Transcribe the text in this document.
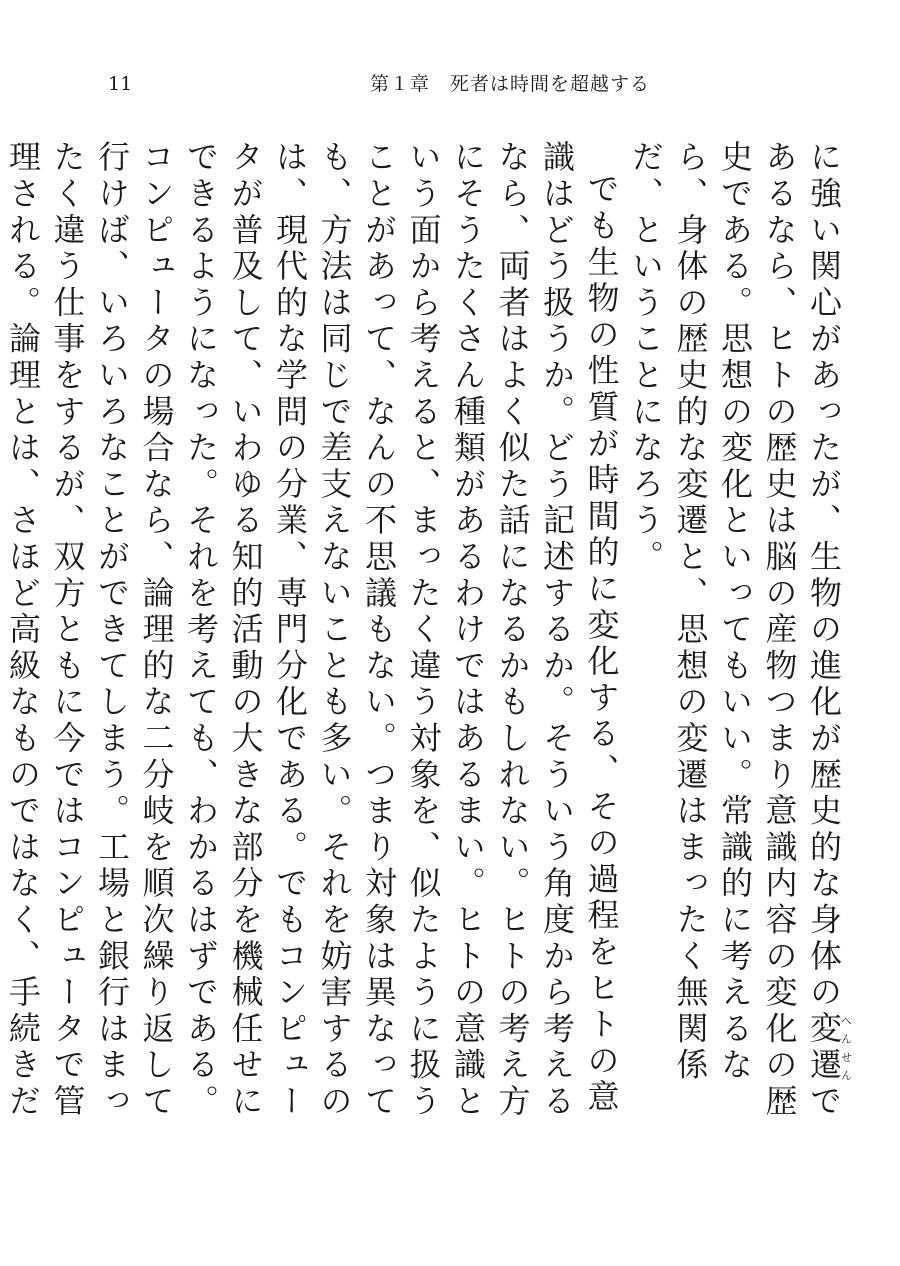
11	第１章　死者は時間を超越する

に強い関心があったが、生物の進化が歴史的な身体の変遷へんせんであるなら、ヒトの歴史は脳の産物つまり意識内容の変化の歴史である。思想の変化といってもいい。常識的に考えるなら、身体の歴史的な変遷と、思想の変遷はまったく無関係だ、ということになろう。

でも生物の性質が時間的に変化する、その過程をヒトの意識はどう扱うか。どう記述するか。そういう角度から考えるなら、両者はよく似た話になるかもしれない。ヒトの考え方にそうたくさん種類があるわけではあるまい。ヒトの意識という面から考えると、まったく違う対象を、似たように扱うことがあって、なんの不思議もない。つまり対象は異なっても、方法は同じで差支えないことも多い。それを妨害するのは、現代的な学問の分業、専門分化である。でもコンピュータが普及して、いわゆる知的活動の大きな部分を機械任せにできるようになった。それを考えても、わかるはずである。コンピュータの場合なら、論理的な二分岐を順次繰り返して行けば、いろいろなことができてしまう。工場と銀行はまったく違う仕事をするが、双方ともに今ではコンピュータで管理される。論理とは、さほど高級なものではなく、手続きだ
